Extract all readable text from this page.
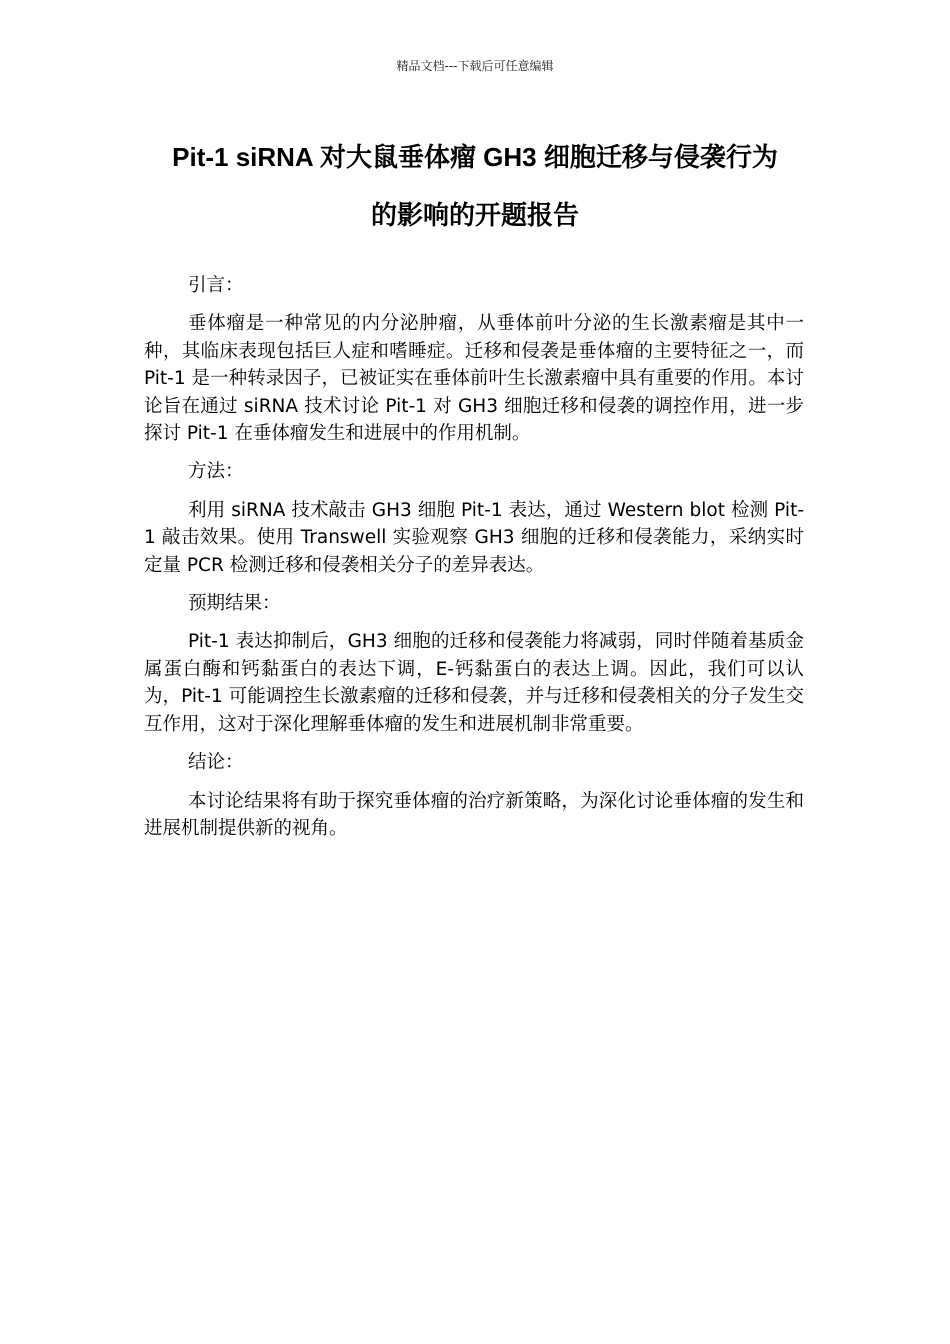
精品文档---下载后可任意编辑
Pit-1 siRNA 对大鼠垂体瘤 GH3 细胞迁移与侵袭行为
的影响的开题报告

引言：

垂体瘤是一种常见的内分泌肿瘤，从垂体前叶分泌的生长激素瘤是其中一种，其临床表现包括巨人症和嗜睡症。迁移和侵袭是垂体瘤的主要特征之一，而 Pit-1 是一种转录因子，已被证实在垂体前叶生长激素瘤中具有重要的作用。本讨论旨在通过 siRNA 技术讨论 Pit-1 对 GH3 细胞迁移和侵袭的调控作用，进一步探讨 Pit-1 在垂体瘤发生和进展中的作用机制。

方法：

利用 siRNA 技术敲击 GH3 细胞 Pit-1 表达，通过 Western blot 检测 Pit-1 敲击效果。使用 Transwell 实验观察 GH3 细胞的迁移和侵袭能力，采纳实时定量 PCR 检测迁移和侵袭相关分子的差异表达。

预期结果：

Pit-1 表达抑制后，GH3 细胞的迁移和侵袭能力将减弱，同时伴随着基质金属蛋白酶和钙黏蛋白的表达下调，E-钙黏蛋白的表达上调。因此，我们可以认为，Pit-1 可能调控生长激素瘤的迁移和侵袭，并与迁移和侵袭相关的分子发生交互作用，这对于深化理解垂体瘤的发生和进展机制非常重要。

结论：

本讨论结果将有助于探究垂体瘤的治疗新策略，为深化讨论垂体瘤的发生和进展机制提供新的视角。
